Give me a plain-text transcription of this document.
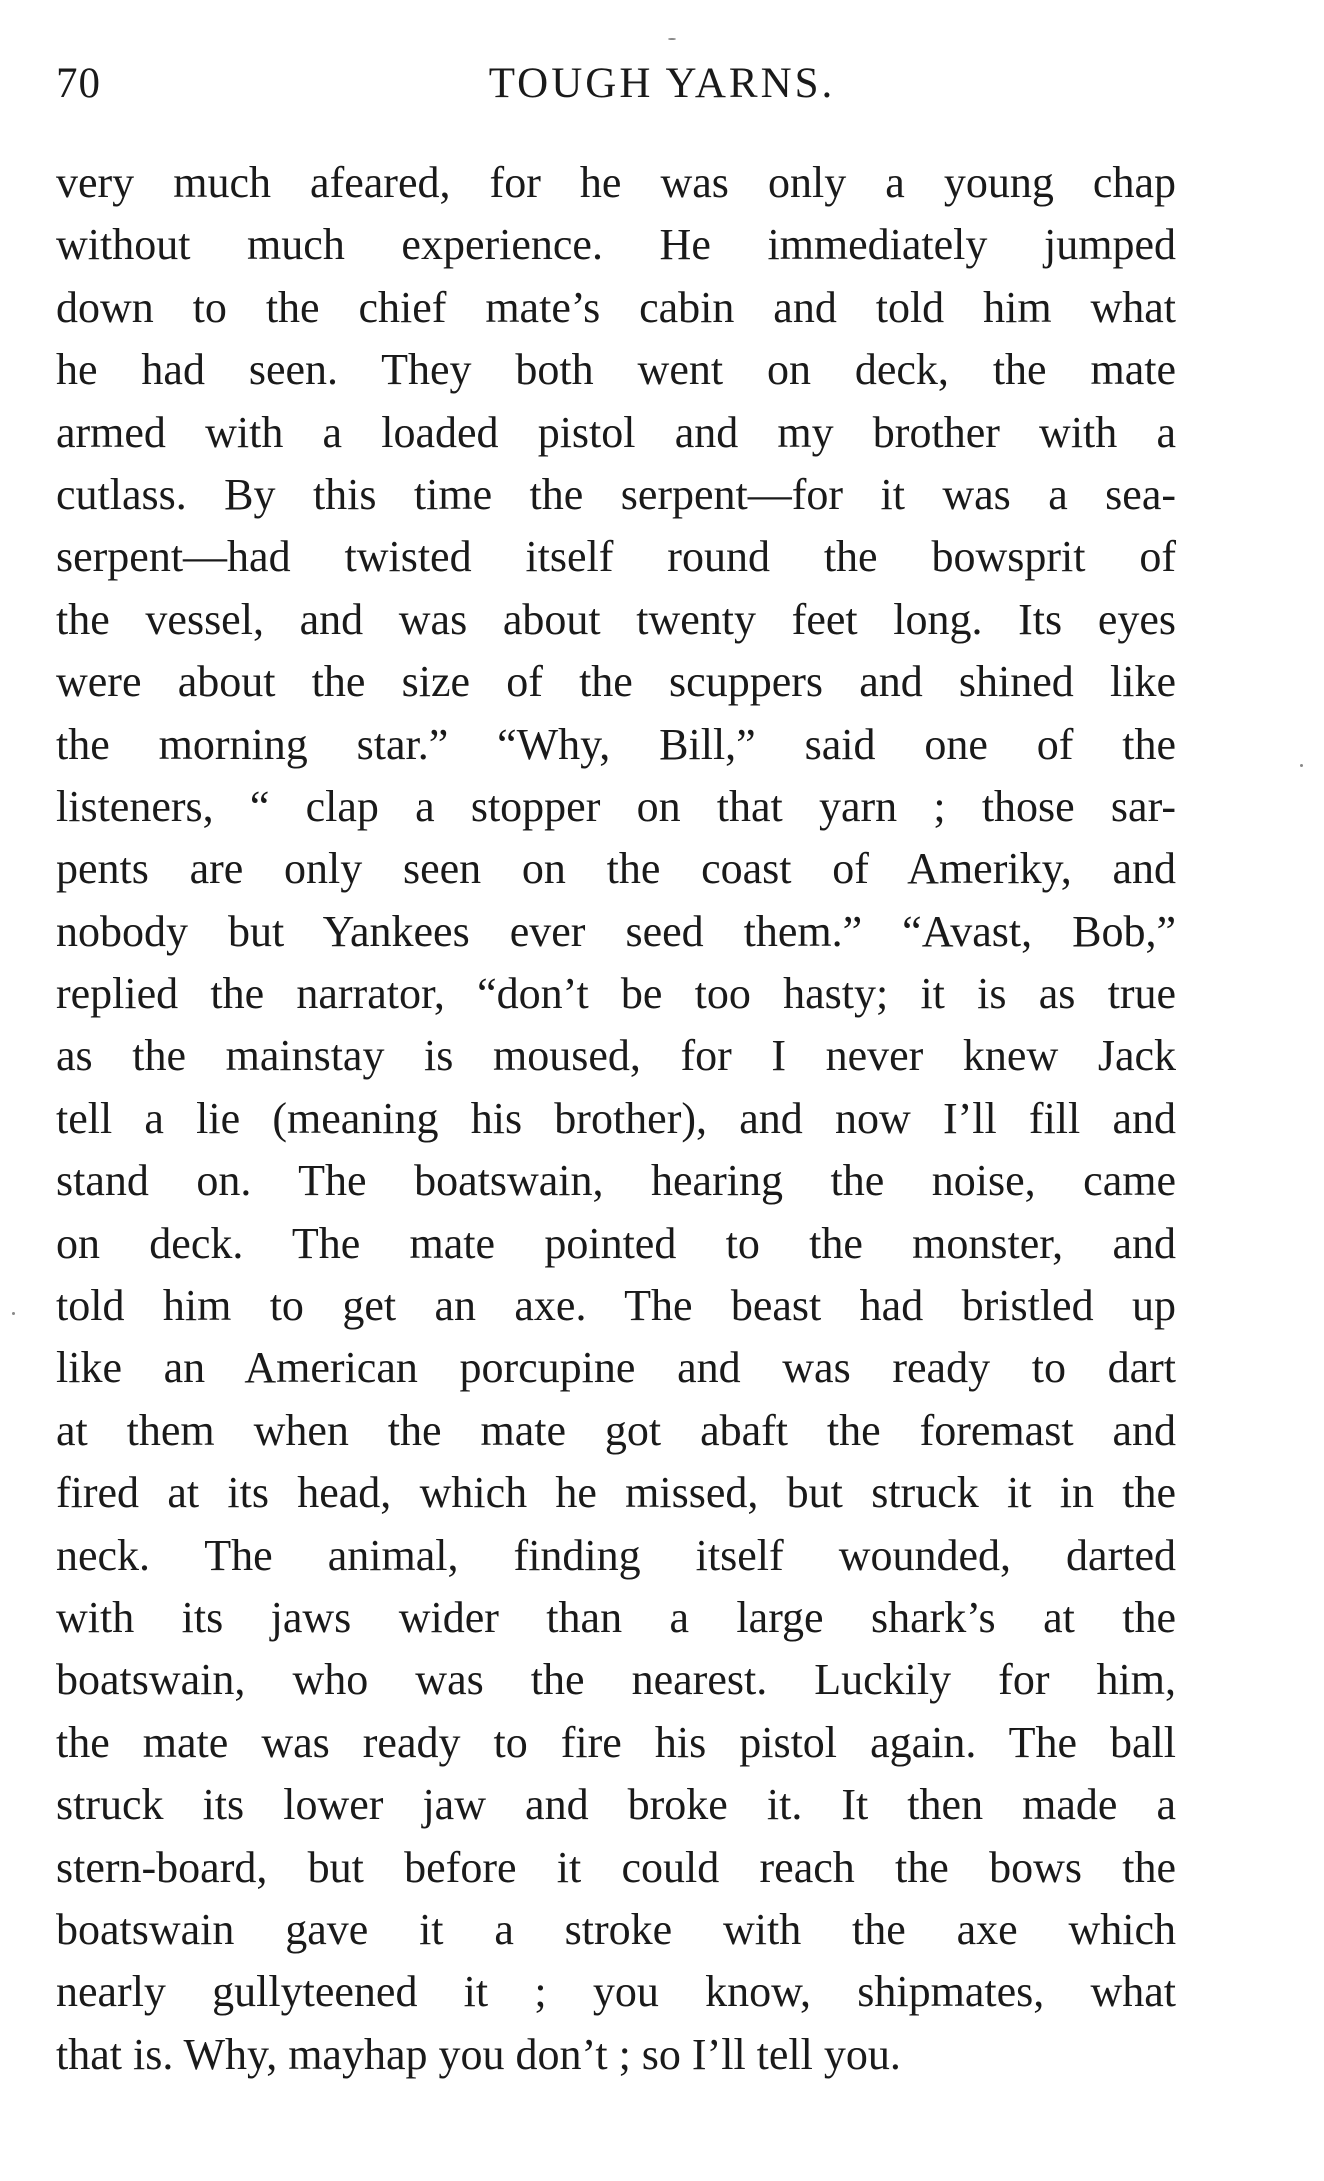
70	TOUGH YARNS.
very much afeared, for he was only a young chap
without much experience. He immediately jumped
down to the chief mate’s cabin and told him what
he had seen. They both went on deck, the mate
armed with a loaded pistol and my brother with a
cutlass. By this time the serpent—for it was a sea-
serpent—had twisted itself round the bowsprit of
the vessel, and was about twenty feet long. Its eyes
were about the size of the scuppers and shined like
the morning star.” “Why, Bill,” said one of the
listeners, “ clap a stopper on that yarn ; those sar-
pents are only seen on the coast of Ameriky, and
nobody but Yankees ever seed them.” “Avast, Bob,”
replied the narrator, “don’t be too hasty; it is as true
as the mainstay is moused, for I never knew Jack
tell a lie (meaning his brother), and now I’ll fill and
stand on. The boatswain, hearing the noise, came
on deck. The mate pointed to the monster, and
told him to get an axe. The beast had bristled up
like an American porcupine and was ready to dart
at them when the mate got abaft the foremast and
fired at its head, which he missed, but struck it in the
neck. The animal, finding itself wounded, darted
with its jaws wider than a large shark’s at the
boatswain, who was the nearest. Luckily for him,
the mate was ready to fire his pistol again. The ball
struck its lower jaw and broke it. It then made a
stern-board, but before it could reach the bows the
boatswain gave it a stroke with the axe which
nearly gullyteened it ; you know, shipmates, what
that is. Why, mayhap you don’t ; so I’ll tell you.
